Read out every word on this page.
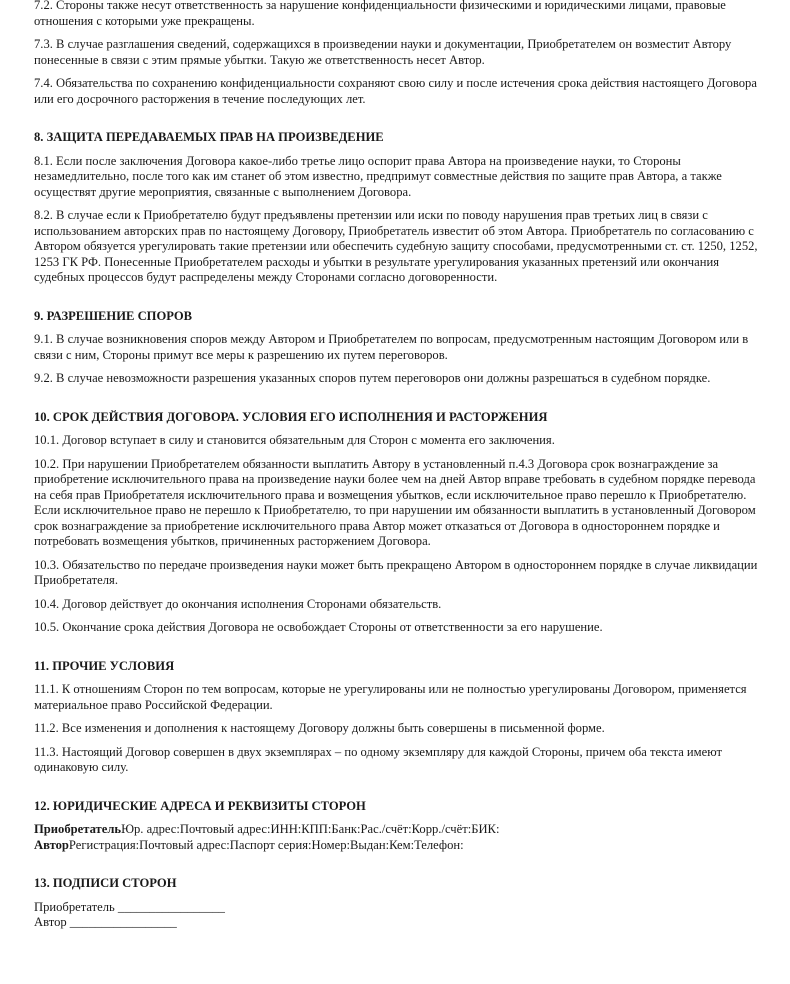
7.2. Стороны также несут ответственность за нарушение конфиденциальности физическими и юридическими лицами, правовые отношения с которыми уже прекращены.

7.3. В случае разглашения сведений, содержащихся в произведении науки и документации, Приобретателем он возместит Автору понесенные в связи с этим прямые убытки. Такую же ответственность несет Автор.

7.4. Обязательства по сохранению конфиденциальности сохраняют свою силу и после истечения срока действия настоящего Договора или его досрочного расторжения в течение последующих лет.

8. ЗАЩИТА ПЕРЕДАВАЕМЫХ ПРАВ НА ПРОИЗВЕДЕНИЕ

8.1. Если после заключения Договора какое-либо третье лицо оспорит права Автора на произведение науки, то Стороны незамедлительно, после того как им станет об этом известно, предпримут совместные действия по защите прав Автора, а также осуществят другие мероприятия, связанные с выполнением Договора.

8.2. В случае если к Приобретателю будут предъявлены претензии или иски по поводу нарушения прав третьих лиц в связи с использованием авторских прав по настоящему Договору, Приобретатель известит об этом Автора. Приобретатель по согласованию с Автором обязуется урегулировать такие претензии или обеспечить судебную защиту способами, предусмотренными ст. ст. 1250, 1252, 1253 ГК РФ. Понесенные Приобретателем расходы и убытки в результате урегулирования указанных претензий или окончания судебных процессов будут распределены между Сторонами согласно договоренности.

9. РАЗРЕШЕНИЕ СПОРОВ

9.1. В случае возникновения споров между Автором и Приобретателем по вопросам, предусмотренным настоящим Договором или в связи с ним, Стороны примут все меры к разрешению их путем переговоров.

9.2. В случае невозможности разрешения указанных споров путем переговоров они должны разрешаться в судебном порядке.

10. СРОК ДЕЙСТВИЯ ДОГОВОРА. УСЛОВИЯ ЕГО ИСПОЛНЕНИЯ И РАСТОРЖЕНИЯ

10.1. Договор вступает в силу и становится обязательным для Сторон с момента его заключения.

10.2. При нарушении Приобретателем обязанности выплатить Автору в установленный п.4.3 Договора срок вознаграждение за приобретение исключительного права на произведение науки более чем на дней Автор вправе требовать в судебном порядке перевода на себя прав Приобретателя исключительного права и возмещения убытков, если исключительное право перешло к Приобретателю. Если исключительное право не перешло к Приобретателю, то при нарушении им обязанности выплатить в установленный Договором срок вознаграждение за приобретение исключительного права Автор может отказаться от Договора в одностороннем порядке и потребовать возмещения убытков, причиненных расторжением Договора.

10.3. Обязательство по передаче произведения науки может быть прекращено Автором в одностороннем порядке в случае ликвидации Приобретателя.

10.4. Договор действует до окончания исполнения Сторонами обязательств.

10.5. Окончание срока действия Договора не освобождает Стороны от ответственности за его нарушение.

11. ПРОЧИЕ УСЛОВИЯ

11.1. К отношениям Сторон по тем вопросам, которые не урегулированы или не полностью урегулированы Договором, применяется материальное право Российской Федерации.

11.2. Все изменения и дополнения к настоящему Договору должны быть совершены в письменной форме.

11.3. Настоящий Договор совершен в двух экземплярах – по одному экземпляру для каждой Стороны, причем оба текста имеют одинаковую силу.

12. ЮРИДИЧЕСКИЕ АДРЕСА И РЕКВИЗИТЫ СТОРОН

ПриобретательЮр. адрес:Почтовый адрес:ИНН:КПП:Банк:Рас./счёт:Корр./счёт:БИК:

АвторРегистрация:Почтовый адрес:Паспорт серия:Номер:Выдан:Кем:Телефон:

13. ПОДПИСИ СТОРОН

Приобретатель _________________

Автор _________________
